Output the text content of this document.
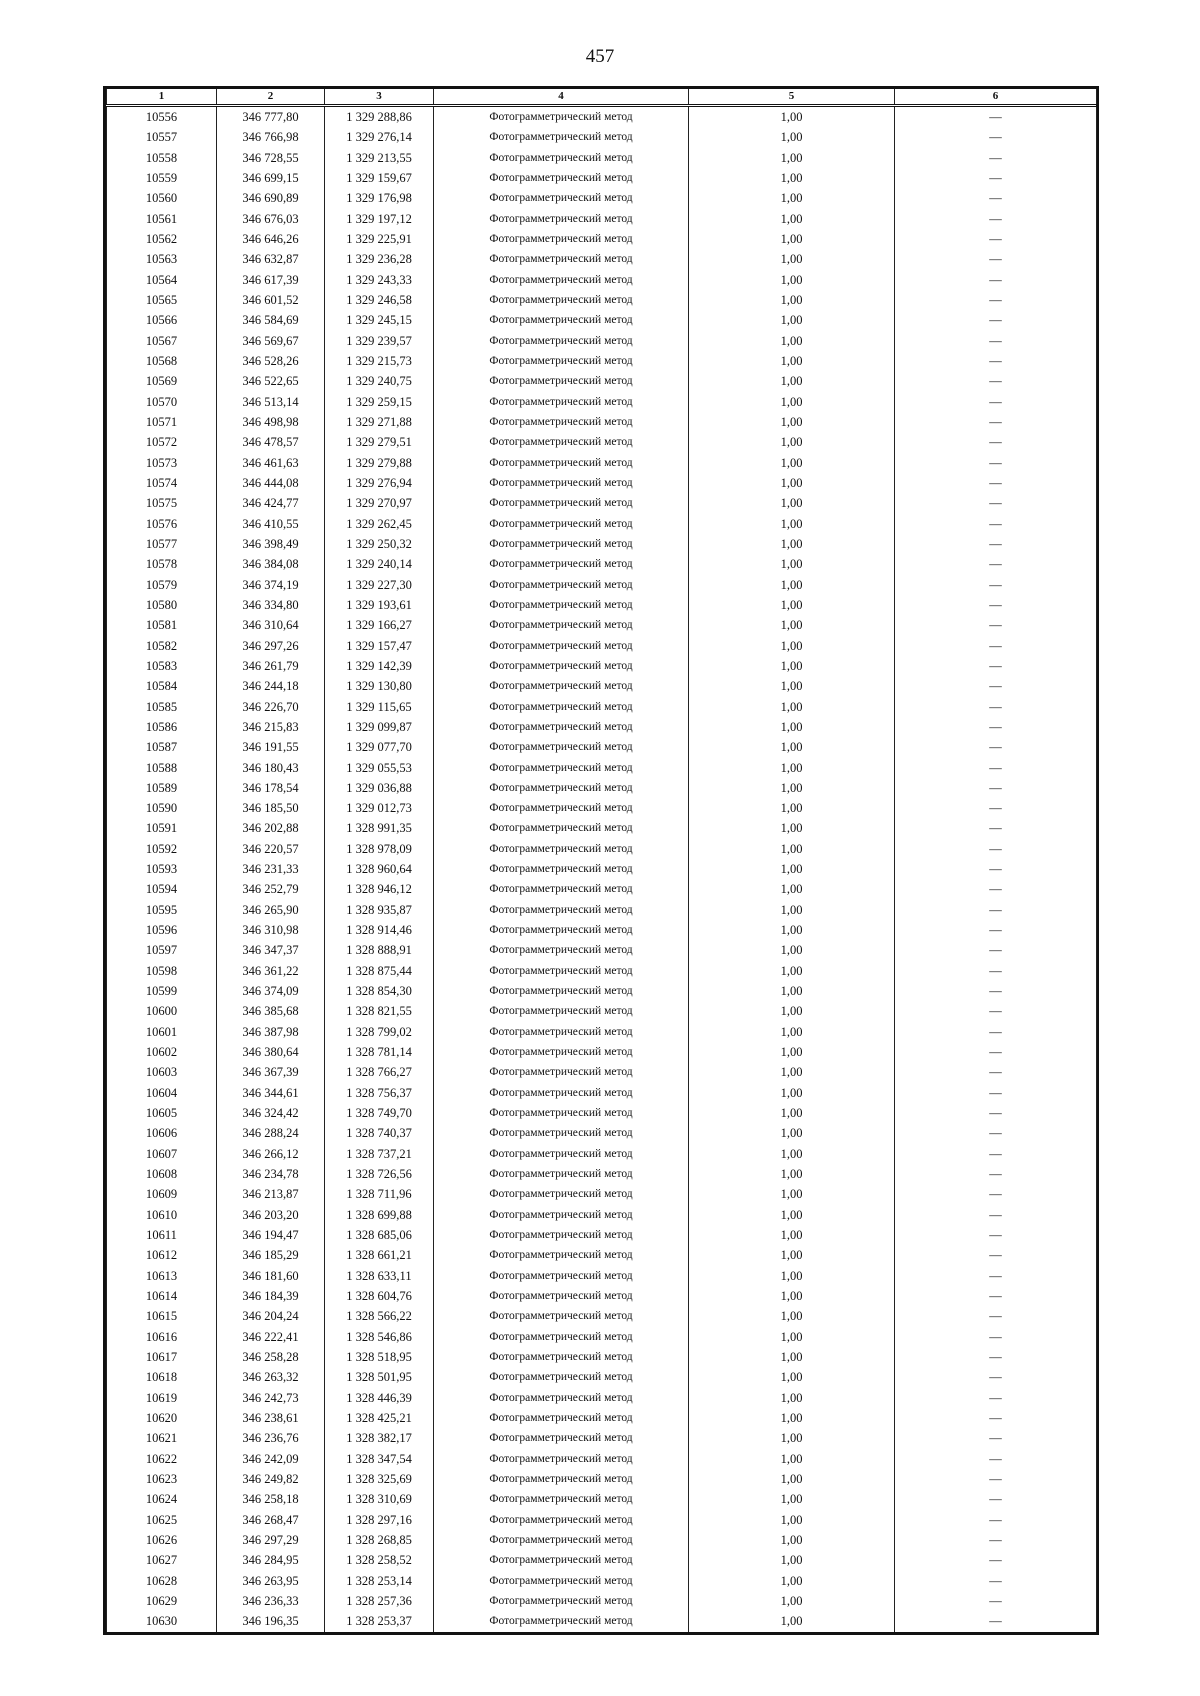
457
1	2	3	4	5	6
10556	346 777,80	1 329 288,86	Фотограмметрический метод	1,00	—
10557	346 766,98	1 329 276,14	Фотограмметрический метод	1,00	—
10558	346 728,55	1 329 213,55	Фотограмметрический метод	1,00	—
10559	346 699,15	1 329 159,67	Фотограмметрический метод	1,00	—
10560	346 690,89	1 329 176,98	Фотограмметрический метод	1,00	—
10561	346 676,03	1 329 197,12	Фотограмметрический метод	1,00	—
10562	346 646,26	1 329 225,91	Фотограмметрический метод	1,00	—
10563	346 632,87	1 329 236,28	Фотограмметрический метод	1,00	—
10564	346 617,39	1 329 243,33	Фотограмметрический метод	1,00	—
10565	346 601,52	1 329 246,58	Фотограмметрический метод	1,00	—
10566	346 584,69	1 329 245,15	Фотограмметрический метод	1,00	—
10567	346 569,67	1 329 239,57	Фотограмметрический метод	1,00	—
10568	346 528,26	1 329 215,73	Фотограмметрический метод	1,00	—
10569	346 522,65	1 329 240,75	Фотограмметрический метод	1,00	—
10570	346 513,14	1 329 259,15	Фотограмметрический метод	1,00	—
10571	346 498,98	1 329 271,88	Фотограмметрический метод	1,00	—
10572	346 478,57	1 329 279,51	Фотограмметрический метод	1,00	—
10573	346 461,63	1 329 279,88	Фотограмметрический метод	1,00	—
10574	346 444,08	1 329 276,94	Фотограмметрический метод	1,00	—
10575	346 424,77	1 329 270,97	Фотограмметрический метод	1,00	—
10576	346 410,55	1 329 262,45	Фотограмметрический метод	1,00	—
10577	346 398,49	1 329 250,32	Фотограмметрический метод	1,00	—
10578	346 384,08	1 329 240,14	Фотограмметрический метод	1,00	—
10579	346 374,19	1 329 227,30	Фотограмметрический метод	1,00	—
10580	346 334,80	1 329 193,61	Фотограмметрический метод	1,00	—
10581	346 310,64	1 329 166,27	Фотограмметрический метод	1,00	—
10582	346 297,26	1 329 157,47	Фотограмметрический метод	1,00	—
10583	346 261,79	1 329 142,39	Фотограмметрический метод	1,00	—
10584	346 244,18	1 329 130,80	Фотограмметрический метод	1,00	—
10585	346 226,70	1 329 115,65	Фотограмметрический метод	1,00	—
10586	346 215,83	1 329 099,87	Фотограмметрический метод	1,00	—
10587	346 191,55	1 329 077,70	Фотограмметрический метод	1,00	—
10588	346 180,43	1 329 055,53	Фотограмметрический метод	1,00	—
10589	346 178,54	1 329 036,88	Фотограмметрический метод	1,00	—
10590	346 185,50	1 329 012,73	Фотограмметрический метод	1,00	—
10591	346 202,88	1 328 991,35	Фотограмметрический метод	1,00	—
10592	346 220,57	1 328 978,09	Фотограмметрический метод	1,00	—
10593	346 231,33	1 328 960,64	Фотограмметрический метод	1,00	—
10594	346 252,79	1 328 946,12	Фотограмметрический метод	1,00	—
10595	346 265,90	1 328 935,87	Фотограмметрический метод	1,00	—
10596	346 310,98	1 328 914,46	Фотограмметрический метод	1,00	—
10597	346 347,37	1 328 888,91	Фотограмметрический метод	1,00	—
10598	346 361,22	1 328 875,44	Фотограмметрический метод	1,00	—
10599	346 374,09	1 328 854,30	Фотограмметрический метод	1,00	—
10600	346 385,68	1 328 821,55	Фотограмметрический метод	1,00	—
10601	346 387,98	1 328 799,02	Фотограмметрический метод	1,00	—
10602	346 380,64	1 328 781,14	Фотограмметрический метод	1,00	—
10603	346 367,39	1 328 766,27	Фотограмметрический метод	1,00	—
10604	346 344,61	1 328 756,37	Фотограмметрический метод	1,00	—
10605	346 324,42	1 328 749,70	Фотограмметрический метод	1,00	—
10606	346 288,24	1 328 740,37	Фотограмметрический метод	1,00	—
10607	346 266,12	1 328 737,21	Фотограмметрический метод	1,00	—
10608	346 234,78	1 328 726,56	Фотограмметрический метод	1,00	—
10609	346 213,87	1 328 711,96	Фотограмметрический метод	1,00	—
10610	346 203,20	1 328 699,88	Фотограмметрический метод	1,00	—
10611	346 194,47	1 328 685,06	Фотограмметрический метод	1,00	—
10612	346 185,29	1 328 661,21	Фотограмметрический метод	1,00	—
10613	346 181,60	1 328 633,11	Фотограмметрический метод	1,00	—
10614	346 184,39	1 328 604,76	Фотограмметрический метод	1,00	—
10615	346 204,24	1 328 566,22	Фотограмметрический метод	1,00	—
10616	346 222,41	1 328 546,86	Фотограмметрический метод	1,00	—
10617	346 258,28	1 328 518,95	Фотограмметрический метод	1,00	—
10618	346 263,32	1 328 501,95	Фотограмметрический метод	1,00	—
10619	346 242,73	1 328 446,39	Фотограмметрический метод	1,00	—
10620	346 238,61	1 328 425,21	Фотограмметрический метод	1,00	—
10621	346 236,76	1 328 382,17	Фотограмметрический метод	1,00	—
10622	346 242,09	1 328 347,54	Фотограмметрический метод	1,00	—
10623	346 249,82	1 328 325,69	Фотограмметрический метод	1,00	—
10624	346 258,18	1 328 310,69	Фотограмметрический метод	1,00	—
10625	346 268,47	1 328 297,16	Фотограмметрический метод	1,00	—
10626	346 297,29	1 328 268,85	Фотограмметрический метод	1,00	—
10627	346 284,95	1 328 258,52	Фотограмметрический метод	1,00	—
10628	346 263,95	1 328 253,14	Фотограмметрический метод	1,00	—
10629	346 236,33	1 328 257,36	Фотограмметрический метод	1,00	—
10630	346 196,35	1 328 253,37	Фотограмметрический метод	1,00	—
